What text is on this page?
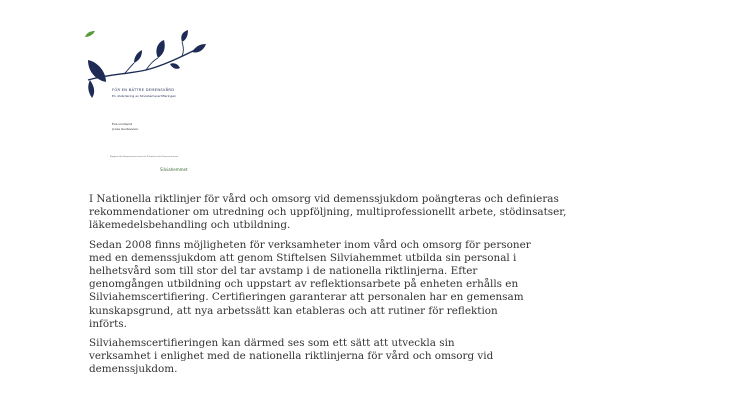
FÖR EN BÄTTRE DEMENSVÅRD
En utvärdering av Silviahemscertifieringen
Eva Lindqvist
Jonas Gustavsson
Rapport från Kompetenscentrum för Silviahem och Demenscentrum
Silviahemmet

I Nationella riktlinjer för vård och omsorg vid demenssjukdom poängteras och definieras
rekommendationer om utredning och uppföljning, multiprofessionellt arbete, stödinsatser,
läkemedelsbehandling och utbildning.

Sedan 2008 finns möjligheten för verksamheter inom vård och omsorg för personer
med en demenssjukdom att genom Stiftelsen Silviahemmet utbilda sin personal i
helhetsvård som till stor del tar avstamp i de nationella riktlinjerna. Efter
genomgången utbildning och uppstart av reflektionsarbete på enheten erhålls en
Silviahemscertifiering. Certifieringen garanterar att personalen har en gemensam
kunskapsgrund, att nya arbetssätt kan etableras och att rutiner för reflektion
införts.

Silviahemscertifieringen kan därmed ses som ett sätt att utveckla sin
verksamhet i enlighet med de nationella riktlinjerna för vård och omsorg vid
demenssjukdom.
